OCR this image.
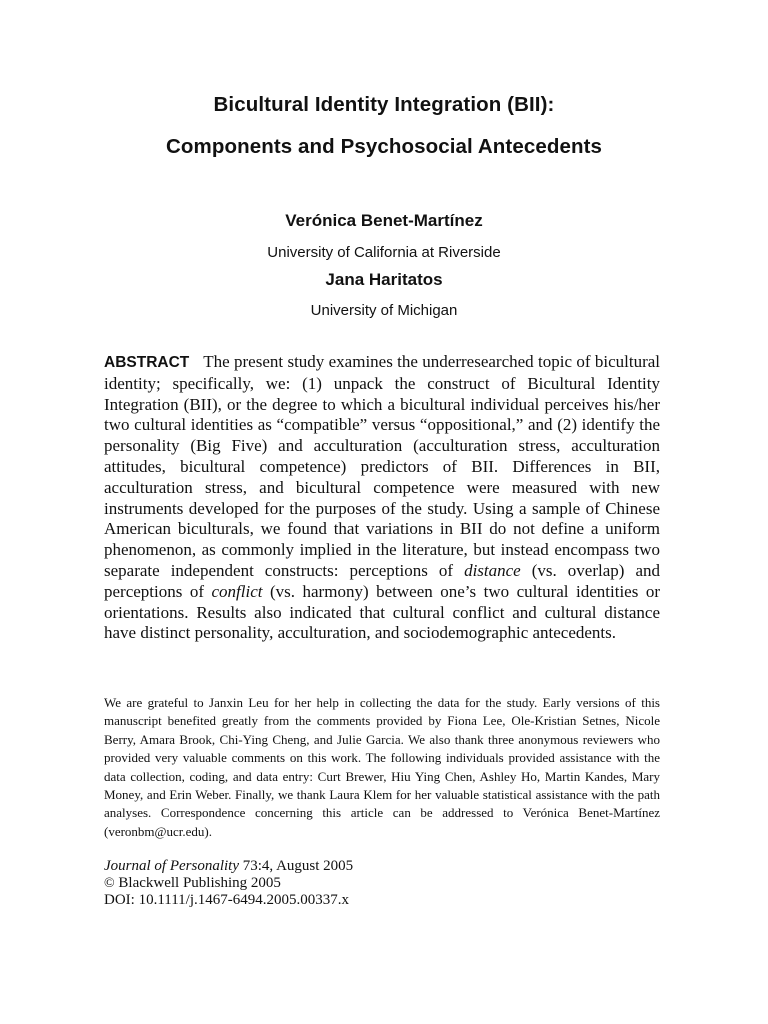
Bicultural Identity Integration (BII):
Components and Psychosocial Antecedents

Verónica Benet-Martínez

University of California at Riverside

Jana Haritatos

University of Michigan

ABSTRACT The present study examines the underresearched topic of bicultural identity; specifically, we: (1) unpack the construct of Bicultural Identity Integration (BII), or the degree to which a bicultural individual perceives his/her two cultural identities as “compatible” versus “oppositional,” and (2) identify the personality (Big Five) and acculturation (acculturation stress, acculturation attitudes, bicultural competence) predictors of BII. Differences in BII, acculturation stress, and bicultural competence were measured with new instruments developed for the purposes of the study. Using a sample of Chinese American biculturals, we found that variations in BII do not define a uniform phenomenon, as commonly implied in the literature, but instead encompass two separate independent constructs: perceptions of distance (vs. overlap) and perceptions of conflict (vs. harmony) between one’s two cultural identities or orientations. Results also indicated that cultural conflict and cultural distance have distinct personality, acculturation, and sociodemographic antecedents.

We are grateful to Janxin Leu for her help in collecting the data for the study. Early versions of this manuscript benefited greatly from the comments provided by Fiona Lee, Ole-Kristian Setnes, Nicole Berry, Amara Brook, Chi-Ying Cheng, and Julie Garcia. We also thank three anonymous reviewers who provided very valuable comments on this work. The following individuals provided assistance with the data collection, coding, and data entry: Curt Brewer, Hiu Ying Chen, Ashley Ho, Martin Kandes, Mary Money, and Erin Weber. Finally, we thank Laura Klem for her valuable statistical assistance with the path analyses. Correspondence concerning this article can be addressed to Verónica Benet-Martínez (veronbm@ucr.edu).

Journal of Personality 73:4, August 2005
© Blackwell Publishing 2005
DOI: 10.1111/j.1467-6494.2005.00337.x
